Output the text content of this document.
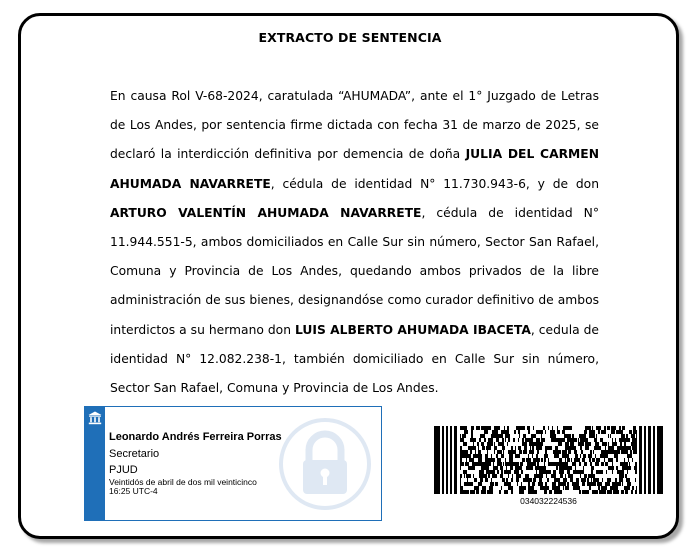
EXTRACTO DE SENTENCIA
En causa Rol V-68-2024, caratulada “AHUMADA”, ante el 1° Juzgado de Letras de Los Andes, por sentencia firme dictada con fecha 31 de marzo de 2025, se declaró la interdicción definitiva por demencia de doña JULIA DEL CARMEN AHUMADA NAVARRETE, cédula de identidad N° 11.730.943-6, y de don ARTURO VALENTÍN AHUMADA NAVARRETE, cédula de identidad N° 11.944.551-5, ambos domiciliados en Calle Sur sin número, Sector San Rafael, Comuna y Provincia de Los Andes, quedando ambos privados de la libre administración de sus bienes, designandóse como curador definitivo de ambos interdictos a su hermano don LUIS ALBERTO AHUMADA IBACETA, cedula de identidad N° 12.082.238-1, también domiciliado en Calle Sur sin número, Sector San Rafael, Comuna y Provincia de Los Andes.
Leonardo Andrés Ferreira Porras
Secretario
PJUD
Veintidós de abril de dos mil veinticinco
16:25 UTC-4
034032224536
